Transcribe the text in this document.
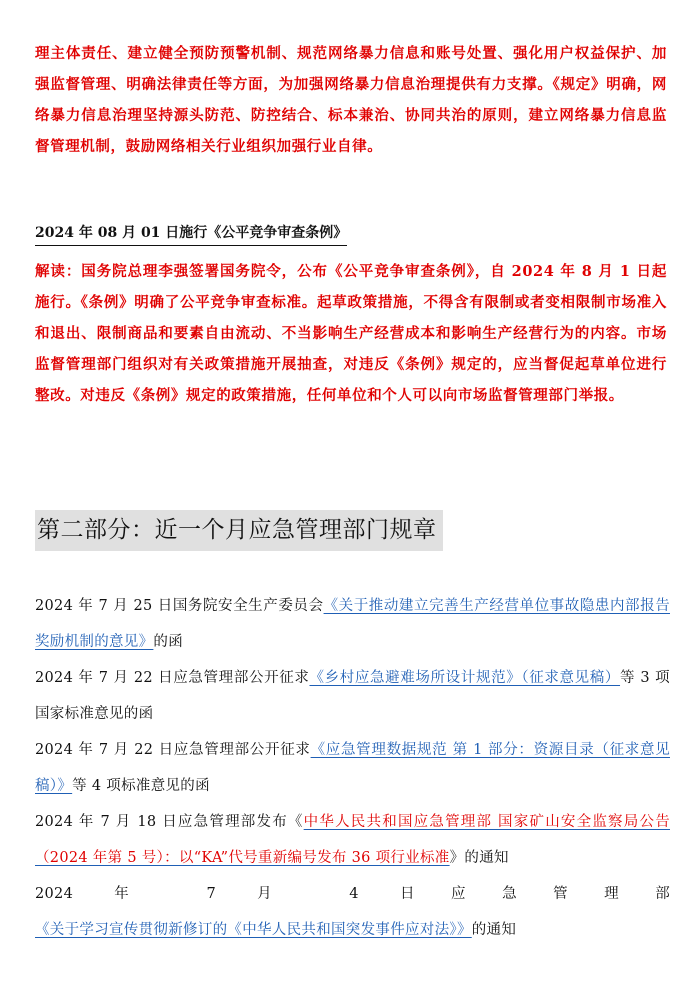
理主体责任、建立健全预防预警机制、规范网络暴力信息和账号处置、强化用户权益保护、加强监督管理、明确法律责任等方面，为加强网络暴力信息治理提供有力支撑。《规定》明确，网络暴力信息治理坚持源头防范、防控结合、标本兼治、协同共治的原则，建立网络暴力信息监督管理机制，鼓励网络相关行业组织加强行业自律。
2024 年 08 月 01 日施行《公平竞争审查条例》
解读：国务院总理李强签署国务院令，公布《公平竞争审查条例》，自 2024 年 8 月 1 日起施行。《条例》明确了公平竞争审查标准。起草政策措施，不得含有限制或者变相限制市场准入和退出、限制商品和要素自由流动、不当影响生产经营成本和影响生产经营行为的内容。市场监督管理部门组织对有关政策措施开展抽查，对违反《条例》规定的，应当督促起草单位进行整改。对违反《条例》规定的政策措施，任何单位和个人可以向市场监督管理部门举报。
第二部分：近一个月应急管理部门规章
2024 年 7 月 25 日国务院安全生产委员会《关于推动建立完善生产经营单位事故隐患内部报告奖励机制的意见》的函
2024 年 7 月 22 日应急管理部公开征求《乡村应急避难场所设计规范》（征求意见稿）等 3 项国家标准意见的函
2024 年 7 月 22 日应急管理部公开征求《应急管理数据规范 第 1 部分：资源目录（征求意见稿）》等 4 项标准意见的函
2024 年 7 月 18 日应急管理部发布《中华人民共和国应急管理部 国家矿山安全监察局公告（2024 年第 5 号）：以“KA”代号重新编号发布 36 项行业标准》的通知
2024 年 7 月 4 日应急管理部《关于学习宣传贯彻新修订的《中华人民共和国突发事件应对法》》的通知
